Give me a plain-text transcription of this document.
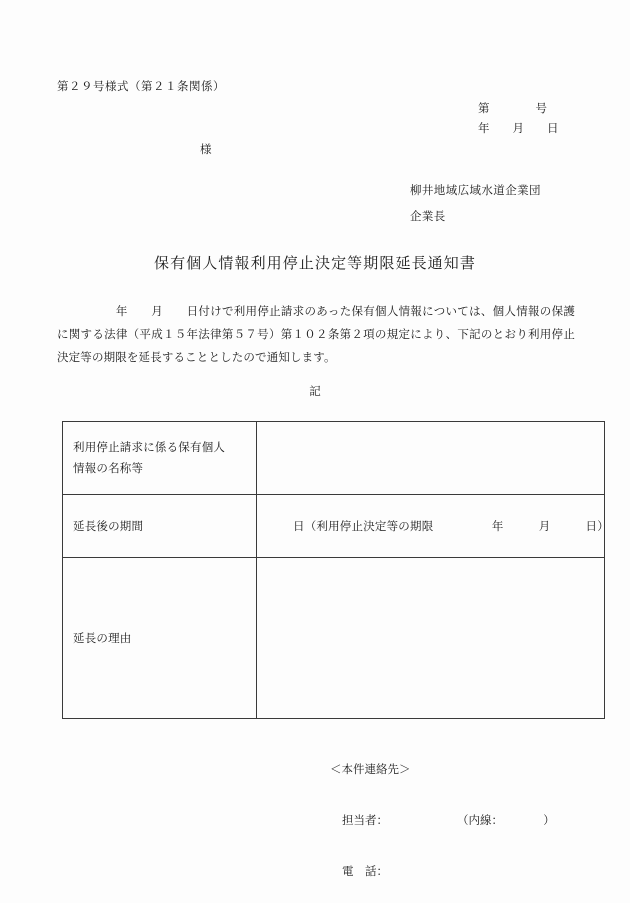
第２９号様式（第２１条関係）
第　　　　号
年　　月　　日
様
柳井地域広域水道企業団
企業長
保有個人情報利用停止決定等期限延長通知書

　　　　　年　　月　　日付けで利用停止請求のあった保有個人情報については、個人情報の保護に関する法律（平成１５年法律第５７号）第１０２条第２項の規定により、下記のとおり利用停止決定等の期限を延長することとしたので通知します。

記
利用停止請求に係る保有個人
情報の名称等	

延長後の期間	日（利用停止決定等の期限　　　　　年　　　月　　　日）
延長の理由	

＜本件連絡先＞

担当者：　　　　　　　（内線：　　　　）

電　話：
